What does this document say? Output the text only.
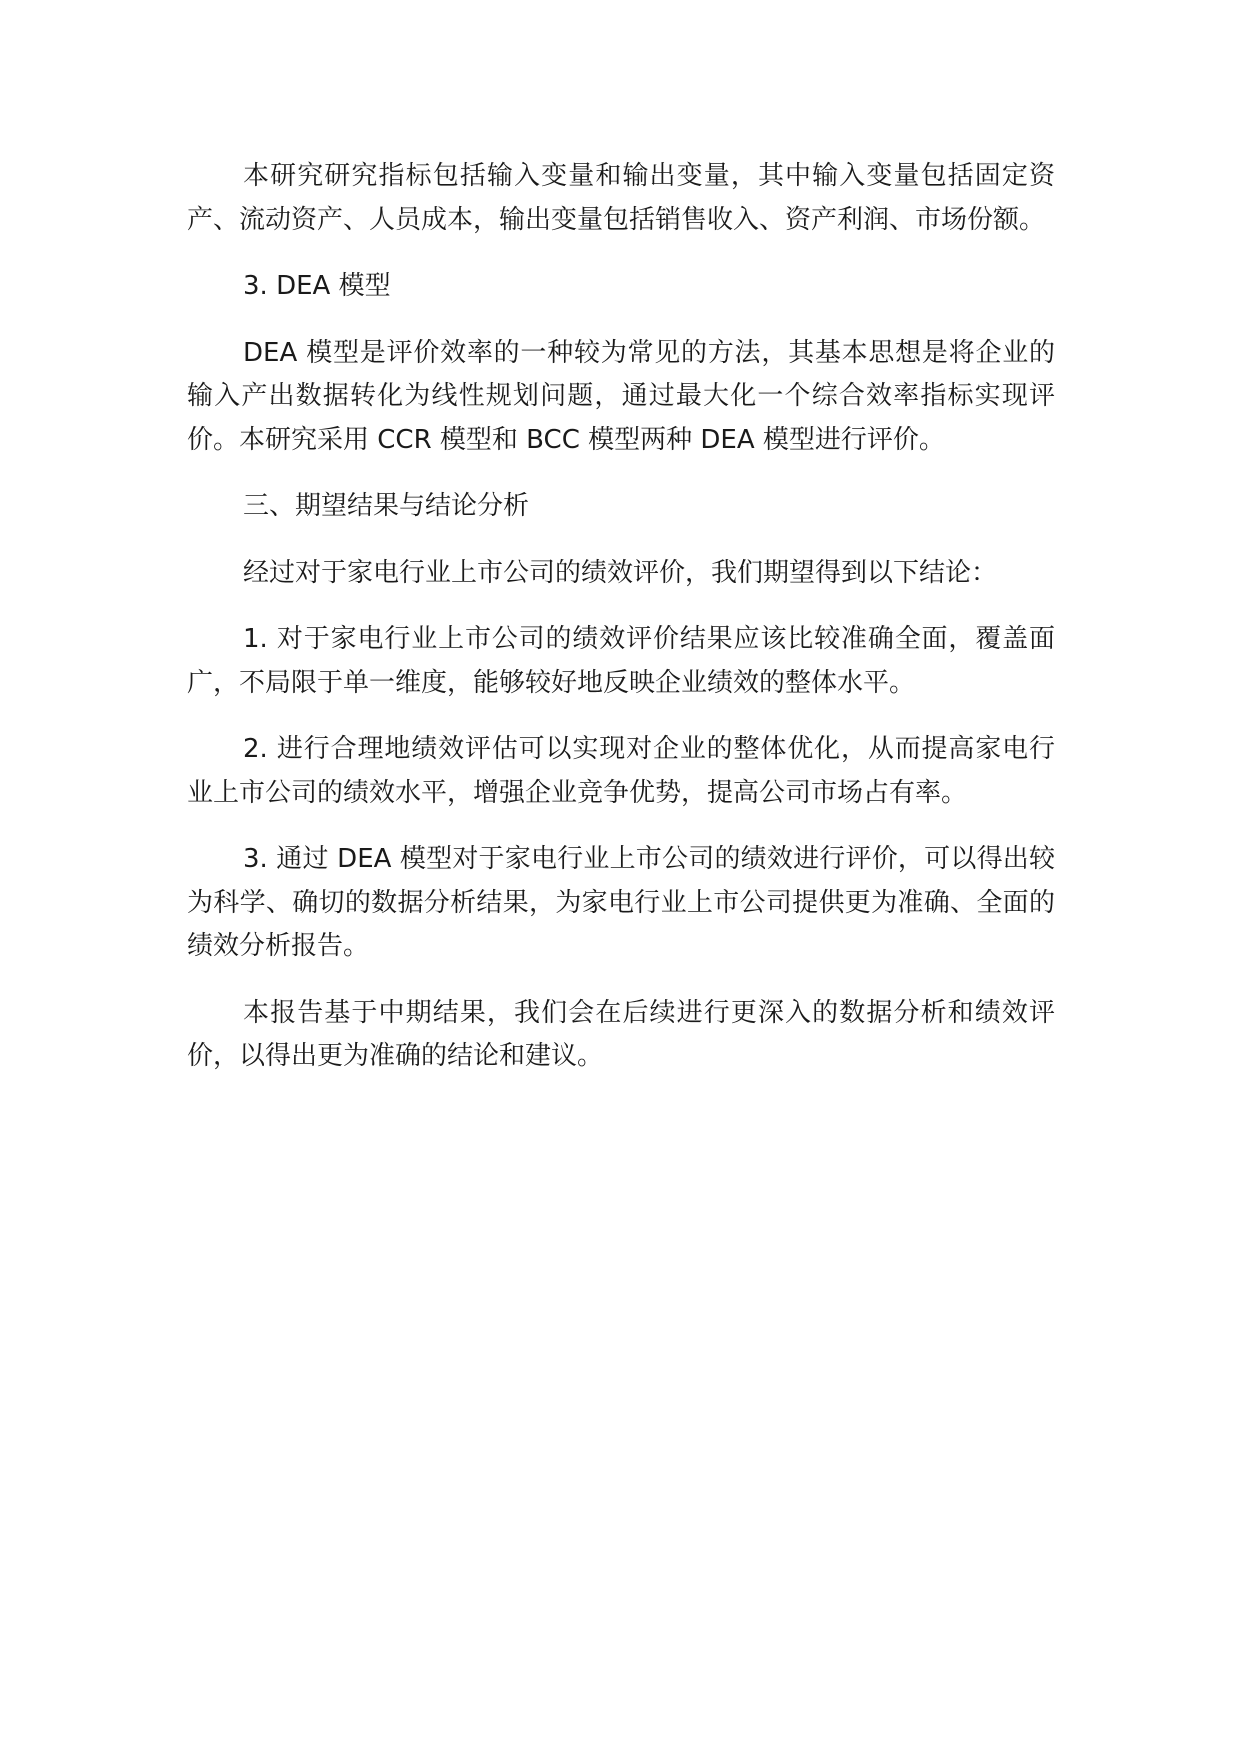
本研究研究指标包括输入变量和输出变量，其中输入变量包括固定资产、流动资产、人员成本，输出变量包括销售收入、资产利润、市场份额。

3. DEA 模型

DEA 模型是评价效率的一种较为常见的方法，其基本思想是将企业的输入产出数据转化为线性规划问题，通过最大化一个综合效率指标实现评价。本研究采用 CCR 模型和 BCC 模型两种 DEA 模型进行评价。

三、期望结果与结论分析

经过对于家电行业上市公司的绩效评价，我们期望得到以下结论：

1. 对于家电行业上市公司的绩效评价结果应该比较准确全面，覆盖面广，不局限于单一维度，能够较好地反映企业绩效的整体水平。

2. 进行合理地绩效评估可以实现对企业的整体优化，从而提高家电行业上市公司的绩效水平，增强企业竞争优势，提高公司市场占有率。

3. 通过 DEA 模型对于家电行业上市公司的绩效进行评价，可以得出较为科学、确切的数据分析结果，为家电行业上市公司提供更为准确、全面的绩效分析报告。

本报告基于中期结果，我们会在后续进行更深入的数据分析和绩效评价，以得出更为准确的结论和建议。
